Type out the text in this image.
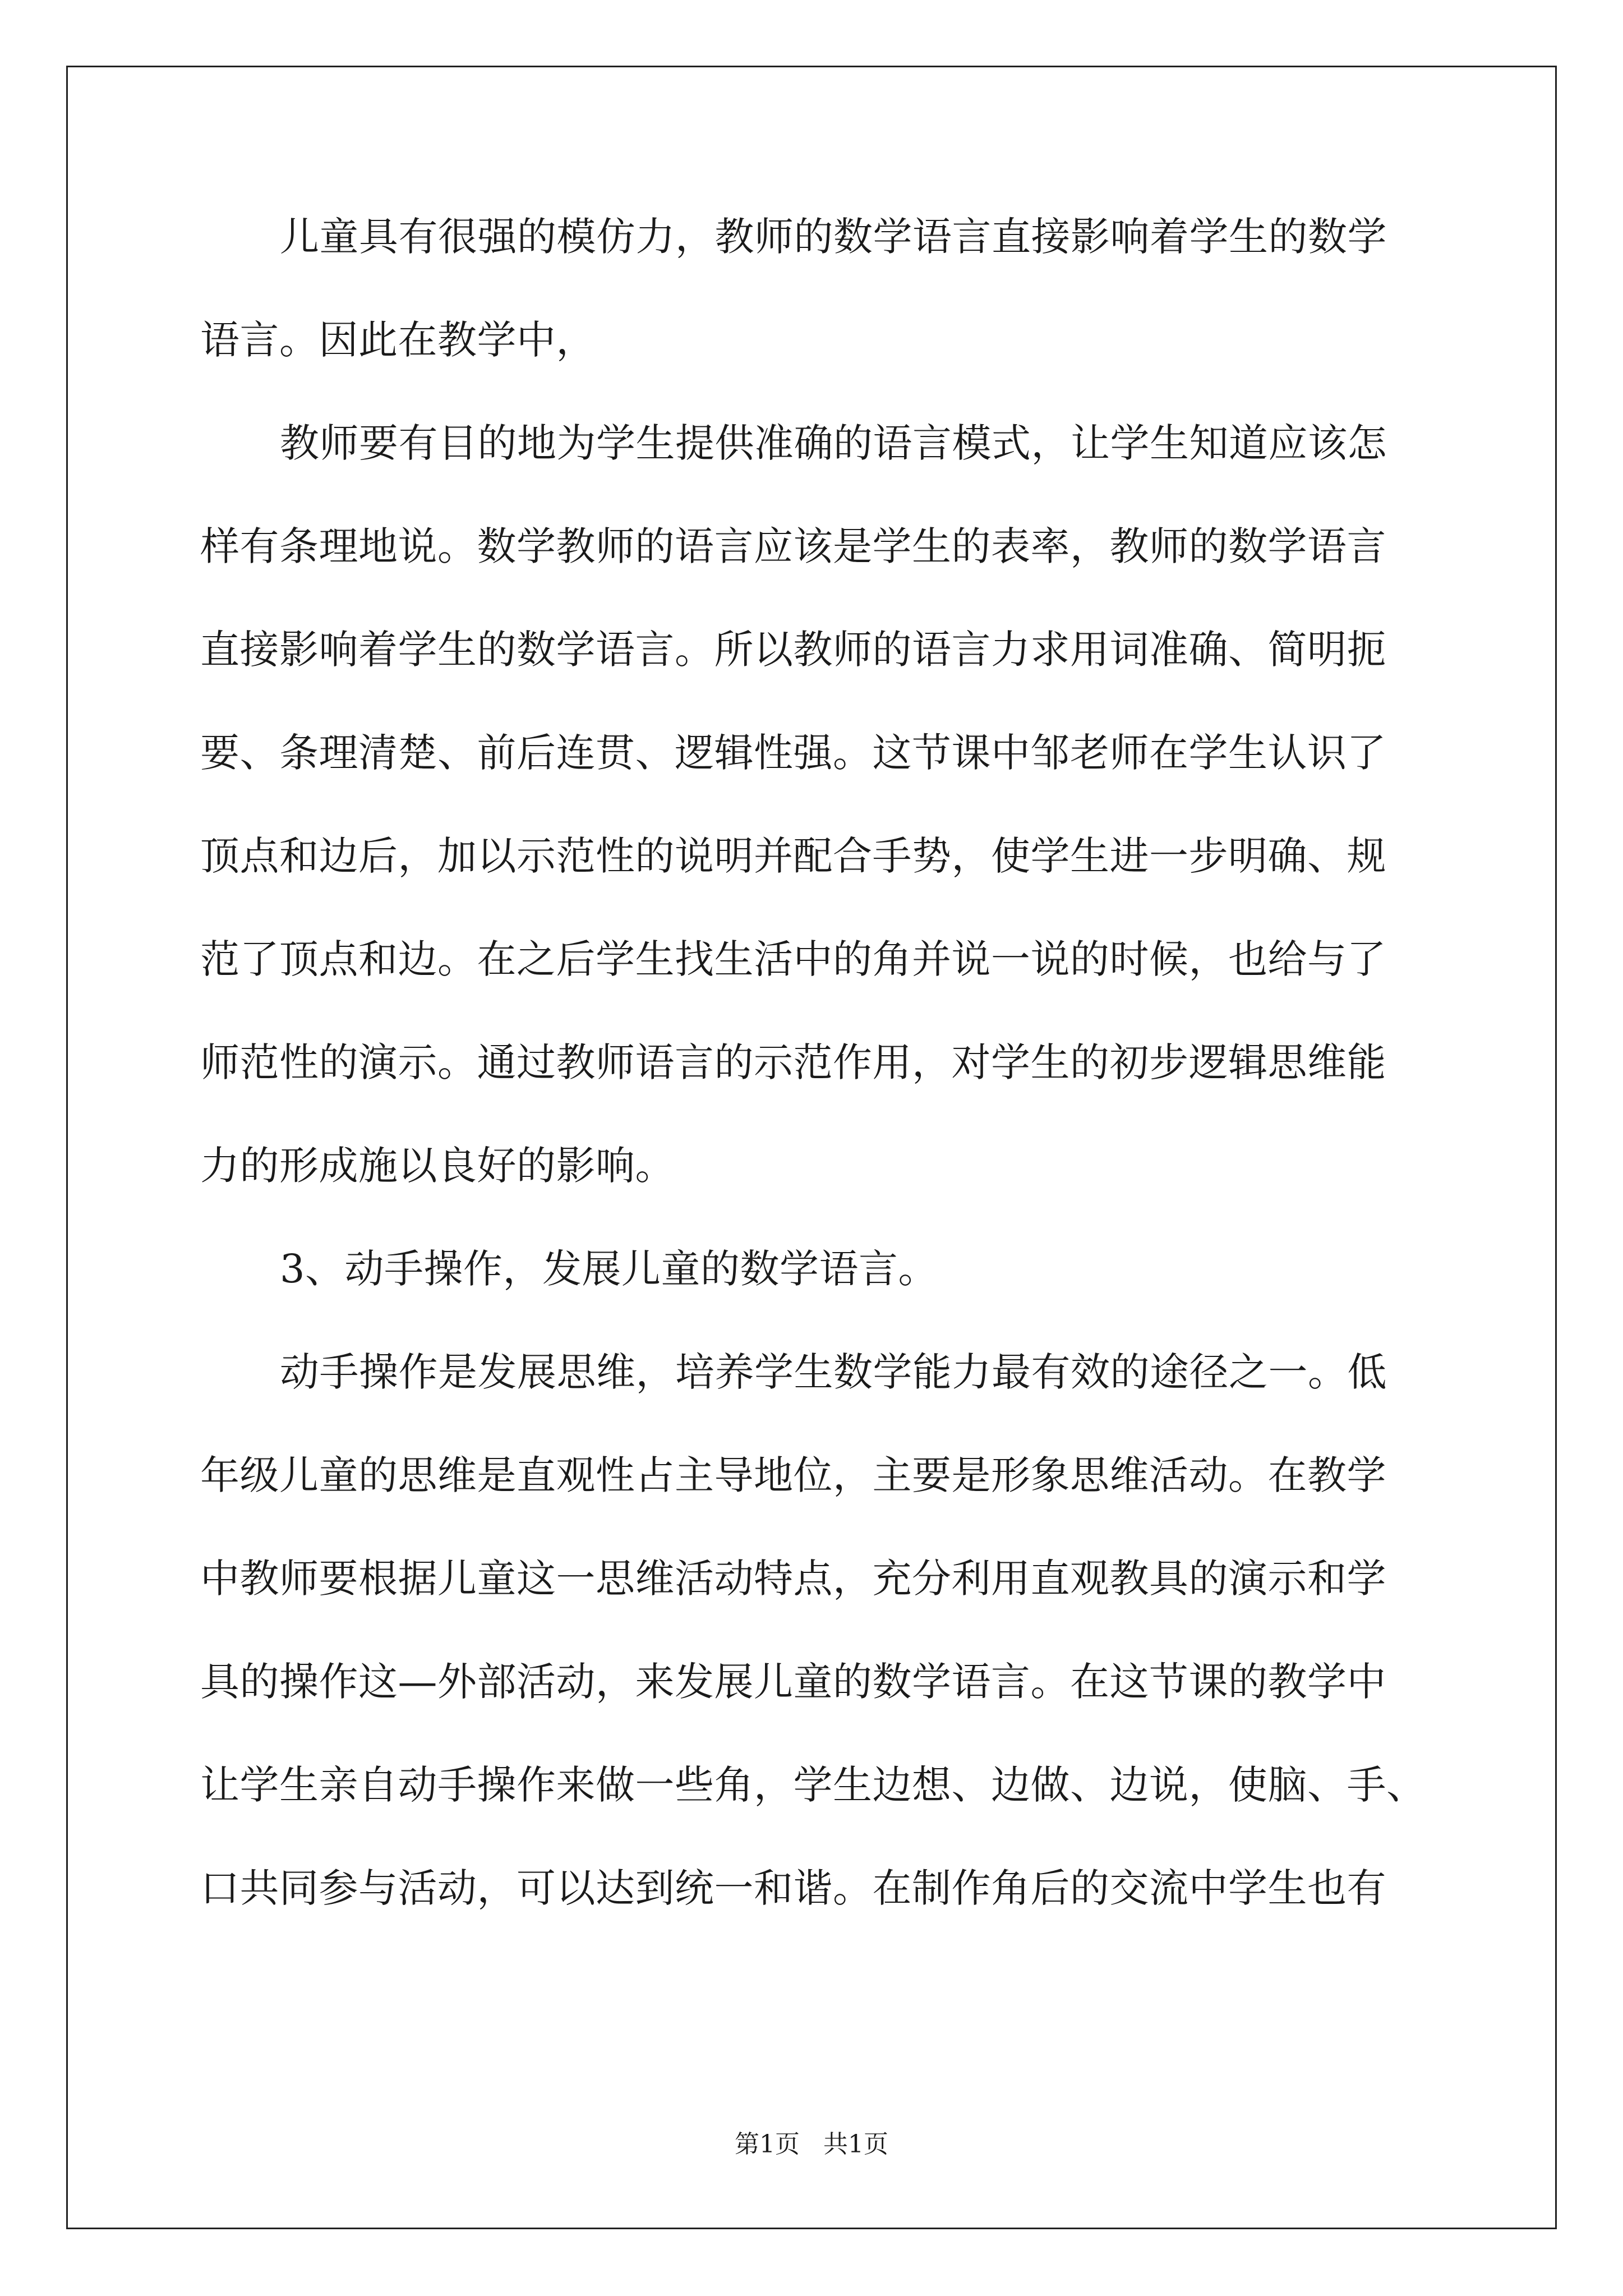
儿童具有很强的模仿力，教师的数学语言直接影响着学生的数学
语言。因此在教学中，
教师要有目的地为学生提供准确的语言模式，让学生知道应该怎
样有条理地说。数学教师的语言应该是学生的表率，教师的数学语言
直接影响着学生的数学语言。所以教师的语言力求用词准确、简明扼
要、条理清楚、前后连贯、逻辑性强。这节课中邹老师在学生认识了
顶点和边后，加以示范性的说明并配合手势，使学生进一步明确、规
范了顶点和边。在之后学生找生活中的角并说一说的时候，也给与了
师范性的演示。通过教师语言的示范作用，对学生的初步逻辑思维能
力的形成施以良好的影响。
3、动手操作，发展儿童的数学语言。
动手操作是发展思维，培养学生数学能力最有效的途径之一。低
年级儿童的思维是直观性占主导地位，主要是形象思维活动。在教学
中教师要根据儿童这一思维活动特点，充分利用直观教具的演示和学
具的操作这—外部活动，来发展儿童的数学语言。在这节课的教学中
让学生亲自动手操作来做一些角，学生边想、边做、边说，使脑、手、
口共同参与活动，可以达到统一和谐。在制作角后的交流中学生也有
第1页   共1页
